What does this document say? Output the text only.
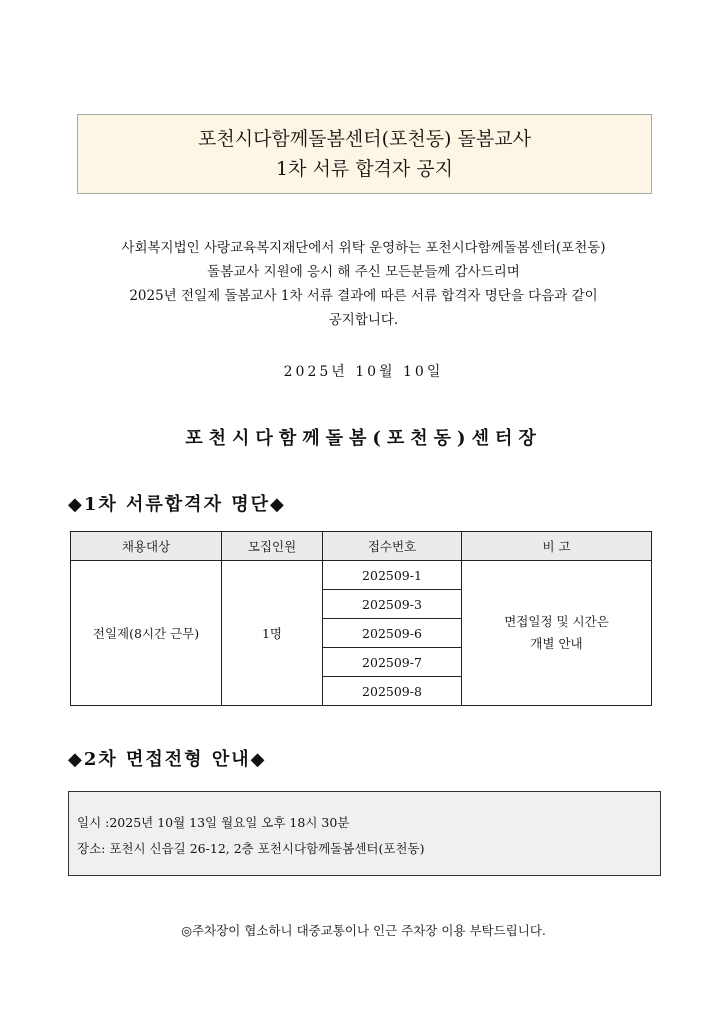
포천시다함께돌봄센터(포천동) 돌봄교사
1차 서류 합격자 공지
사회복지법인 사랑교육복지재단에서 위탁 운영하는 포천시다함께돌봄센터(포천동)
돌봄교사 지원에 응시 해 주신 모든분들께 감사드리며
2025년 전일제 돌봄교사 1차 서류 결과에 따른 서류 합격자 명단을 다음과 같이
공지합니다.
2025년 10월 10일
포천시다함께돌봄(포천동)센터장
◆1차 서류합격자 명단◆
채용대상	모집인원	접수번호	비 고
전일제(8시간 근무)	1명	202509-1	면접일정 및 시간은
개별 안내

		202509-3	
		202509-6	
		202509-7	
		202509-8	
◆2차 면접전형 안내◆
일시 :2025년 10월 13일 월요일 오후 18시 30분
장소: 포천시 신읍길 26-12, 2층 포천시다함께돌봄센터(포천동)
◎주차장이 협소하니 대중교통이나 인근 주차장 이용 부탁드립니다.
